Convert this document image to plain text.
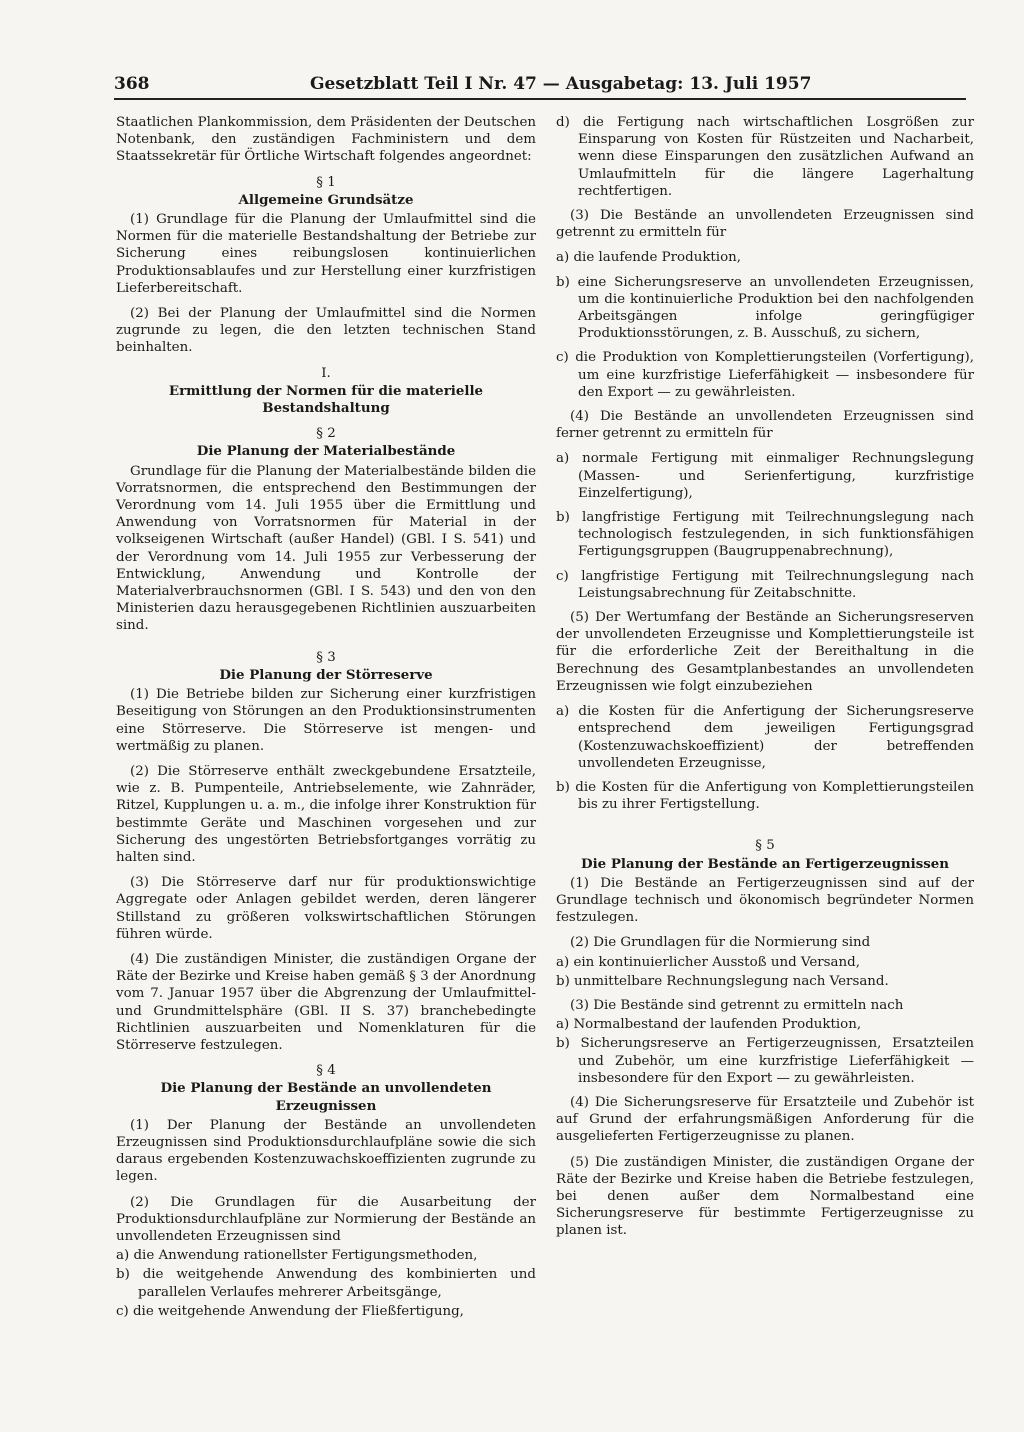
368	Gesetzblatt Teil I Nr. 47 — Ausgabetag: 13. Juli 1957

Staatlichen Plankommission, dem Präsidenten der Deutschen Notenbank, den zuständigen Fachministern und dem Staatssekretär für Örtliche Wirtschaft folgendes angeordnet:

§ 1
Allgemeine Grundsätze

(1) Grundlage für die Planung der Umlaufmittel sind die Normen für die materielle Bestandshaltung der Betriebe zur Sicherung eines reibungslosen kontinuierlichen Produktionsablaufes und zur Herstellung einer kurzfristigen Lieferbereitschaft.

(2) Bei der Planung der Umlaufmittel sind die Normen zugrunde zu legen, die den letzten technischen Stand beinhalten.

I.
Ermittlung der Normen für die materielle Bestandshaltung
§ 2
Die Planung der Materialbestände

Grundlage für die Planung der Materialbestände bilden die Vorratsnormen, die entsprechend den Bestimmungen der Verordnung vom 14. Juli 1955 über die Ermittlung und Anwendung von Vorratsnormen für Material in der volkseigenen Wirtschaft (außer Handel) (GBl. I S. 541) und der Verordnung vom 14. Juli 1955 zur Verbesserung der Entwicklung, Anwendung und Kontrolle der Materialverbrauchsnormen (GBl. I S. 543) und den von den Ministerien dazu herausgegebenen Richtlinien auszuarbeiten sind.

§ 3
Die Planung der Störreserve

(1) Die Betriebe bilden zur Sicherung einer kurzfristigen Beseitigung von Störungen an den Produktionsinstrumenten eine Störreserve. Die Störreserve ist mengen- und wertmäßig zu planen.

(2) Die Störreserve enthält zweckgebundene Ersatzteile, wie z. B. Pumpenteile, Antriebselemente, wie Zahnräder, Ritzel, Kupplungen u. a. m., die infolge ihrer Konstruktion für bestimmte Geräte und Maschinen vorgesehen und zur Sicherung des ungestörten Betriebsfortganges vorrätig zu halten sind.

(3) Die Störreserve darf nur für produktionswichtige Aggregate oder Anlagen gebildet werden, deren längerer Stillstand zu größeren volkswirtschaftlichen Störungen führen würde.

(4) Die zuständigen Minister, die zuständigen Organe der Räte der Bezirke und Kreise haben gemäß § 3 der Anordnung vom 7. Januar 1957 über die Abgrenzung der Umlaufmittel- und Grundmittelsphäre (GBl. II S. 37) branchebedingte Richtlinien auszuarbeiten und Nomenklaturen für die Störreserve festzulegen.

§ 4
Die Planung der Bestände an unvollendeten Erzeugnissen

(1) Der Planung der Bestände an unvollendeten Erzeugnissen sind Produktionsdurchlaufpläne sowie die sich daraus ergebenden Kostenzuwachskoeffizienten zugrunde zu legen.

(2) Die Grundlagen für die Ausarbeitung der Produktionsdurchlaufpläne zur Normierung der Bestände an unvollendeten Erzeugnissen sind

a) die Anwendung rationellster Fertigungsmethoden,

b) die weitgehende Anwendung des kombinierten und parallelen Verlaufes mehrerer Arbeitsgänge,

c) die weitgehende Anwendung der Fließfertigung,

d) die Fertigung nach wirtschaftlichen Losgrößen zur Einsparung von Kosten für Rüstzeiten und Nacharbeit, wenn diese Einsparungen den zusätzlichen Aufwand an Umlaufmitteln für die längere Lagerhaltung rechtfertigen.

(3) Die Bestände an unvollendeten Erzeugnissen sind getrennt zu ermitteln für

a) die laufende Produktion,

b) eine Sicherungsreserve an unvollendeten Erzeugnissen, um die kontinuierliche Produktion bei den nachfolgenden Arbeitsgängen infolge geringfügiger Produktionsstörungen, z. B. Ausschuß, zu sichern,

c) die Produktion von Komplettierungsteilen (Vorfertigung), um eine kurzfristige Lieferfähigkeit — insbesondere für den Export — zu gewährleisten.

(4) Die Bestände an unvollendeten Erzeugnissen sind ferner getrennt zu ermitteln für

a) normale Fertigung mit einmaliger Rechnungslegung (Massen- und Serienfertigung, kurzfristige Einzelfertigung),

b) langfristige Fertigung mit Teilrechnungslegung nach technologisch festzulegenden, in sich funktionsfähigen Fertigungsgruppen (Baugruppenabrechnung),

c) langfristige Fertigung mit Teilrechnungslegung nach Leistungsabrechnung für Zeitabschnitte.

(5) Der Wertumfang der Bestände an Sicherungsreserven der unvollendeten Erzeugnisse und Komplettierungsteile ist für die erforderliche Zeit der Bereithaltung in die Berechnung des Gesamtplanbestandes an unvollendeten Erzeugnissen wie folgt einzubeziehen

a) die Kosten für die Anfertigung der Sicherungsreserve entsprechend dem jeweiligen Fertigungsgrad (Kostenzuwachskoeffizient) der betreffenden unvollendeten Erzeugnisse,

b) die Kosten für die Anfertigung von Komplettierungsteilen bis zu ihrer Fertigstellung.

§ 5
Die Planung der Bestände an Fertigerzeugnissen

(1) Die Bestände an Fertigerzeugnissen sind auf der Grundlage technisch und ökonomisch begründeter Normen festzulegen.

(2) Die Grundlagen für die Normierung sind

a) ein kontinuierlicher Ausstoß und Versand,

b) unmittelbare Rechnungslegung nach Versand.

(3) Die Bestände sind getrennt zu ermitteln nach

a) Normalbestand der laufenden Produktion,

b) Sicherungsreserve an Fertigerzeugnissen, Ersatzteilen und Zubehör, um eine kurzfristige Lieferfähigkeit — insbesondere für den Export — zu gewährleisten.

(4) Die Sicherungsreserve für Ersatzteile und Zubehör ist auf Grund der erfahrungsmäßigen Anforderung für die ausgelieferten Fertigerzeugnisse zu planen.

(5) Die zuständigen Minister, die zuständigen Organe der Räte der Bezirke und Kreise haben die Betriebe festzulegen, bei denen außer dem Normalbestand eine Sicherungsreserve für bestimmte Fertigerzeugnisse zu planen ist.
